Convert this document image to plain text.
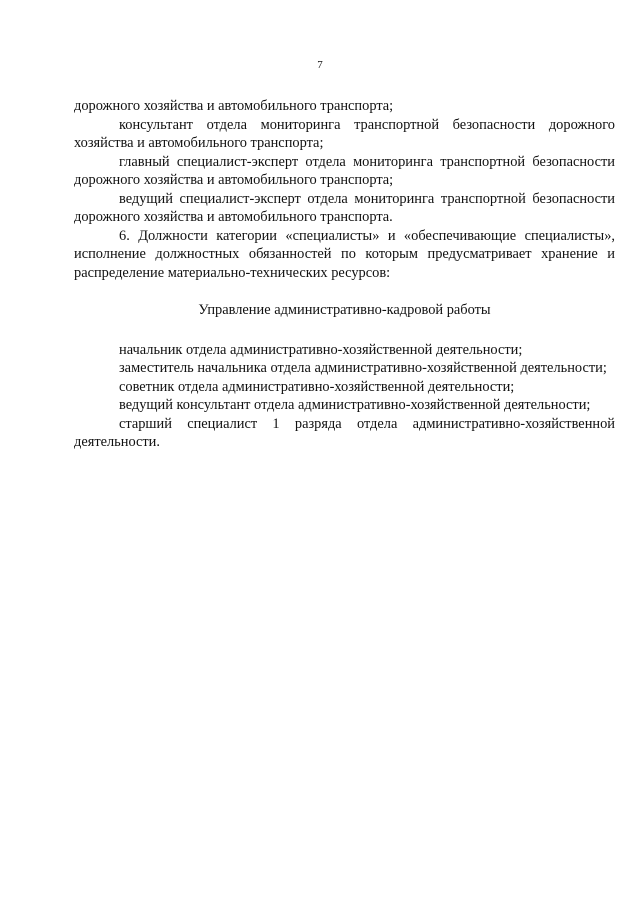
7

дорожного хозяйства и автомобильного транспорта;

консультант отдела мониторинга транспортной безопасности дорожного хозяйства и автомобильного транспорта;

главный специалист-эксперт отдела мониторинга транспортной безопасности дорожного хозяйства и автомобильного транспорта;

ведущий специалист-эксперт отдела мониторинга транспортной безопасности дорожного хозяйства и автомобильного транспорта.

6. Должности категории «специалисты» и «обеспечивающие специалисты», исполнение должностных обязанностей по которым предусматривает хранение и распределение материально-технических ресурсов:

Управление административно-кадровой работы

начальник отдела административно-хозяйственной деятельности;

заместитель начальника отдела административно-хозяйственной деятельности;

советник отдела административно-хозяйственной деятельности;

ведущий консультант отдела административно-хозяйственной деятельности;

старший специалист 1 разряда отдела административно-хозяйственной деятельности.
